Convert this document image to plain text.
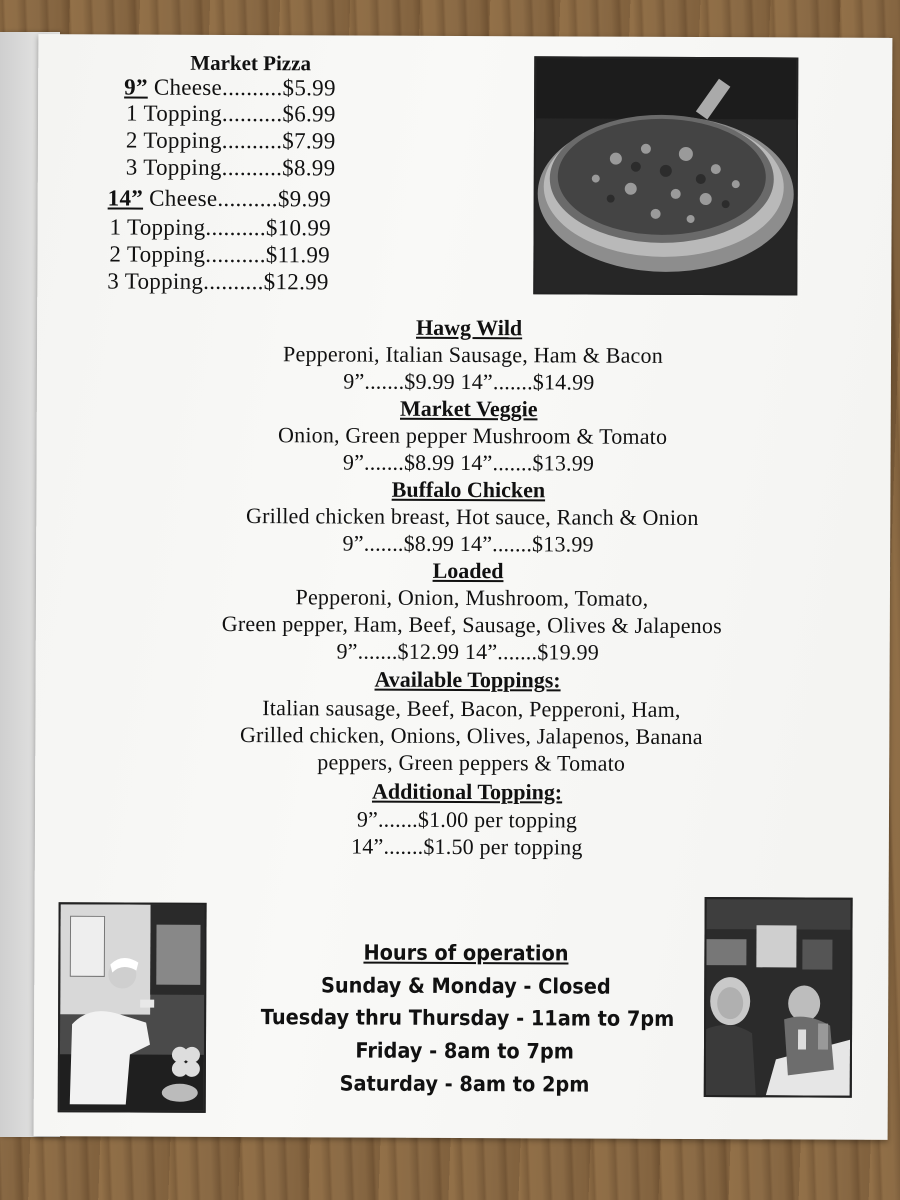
Market Pizza
9” Cheese..........$5.99
1 Topping..........$6.99
2 Topping..........$7.99
3 Topping..........$8.99
14” Cheese..........$9.99
1 Topping..........$10.99
2 Topping..........$11.99
3 Topping..........$12.99
Hawg Wild
Pepperoni, Italian Sausage, Ham & Bacon
9”.......$9.99 14”.......$14.99
Market Veggie
Onion, Green pepper Mushroom & Tomato
9”.......$8.99 14”.......$13.99
Buffalo Chicken
Grilled chicken breast, Hot sauce, Ranch & Onion
9”.......$8.99 14”.......$13.99
Loaded
Pepperoni, Onion, Mushroom, Tomato,
Green pepper, Ham, Beef, Sausage, Olives & Jalapenos
9”.......$12.99 14”.......$19.99
Available Toppings:
Italian sausage, Beef, Bacon, Pepperoni, Ham,
Grilled chicken, Onions, Olives, Jalapenos, Banana
peppers, Green peppers & Tomato
Additional Topping:
9”.......$1.00 per topping
14”.......$1.50 per topping
Hours of operation
Sunday & Monday - Closed
Tuesday thru Thursday - 11am to 7pm
Friday - 8am to 7pm
Saturday - 8am to 2pm
